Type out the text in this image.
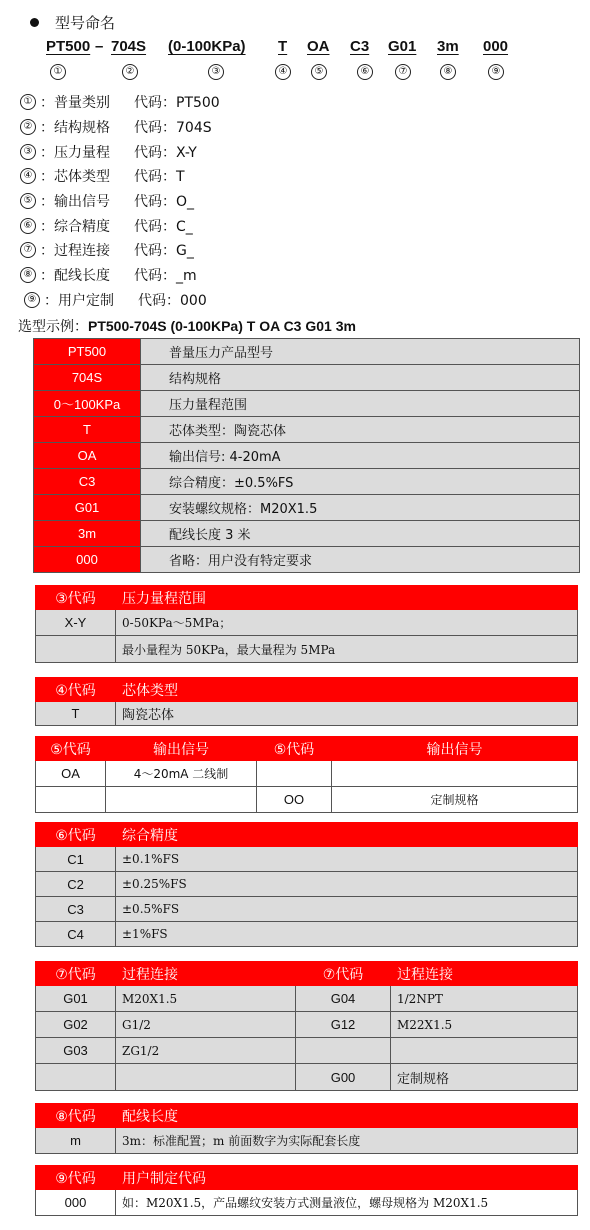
型号命名
PT500 – 704S (0-100KPa) T OA C3 G01 3m 000
①	②	③	④	⑤	⑥	⑦	⑧	⑨
① ： 普量类别	代码：PT500
② ： 结构规格	代码：704S
③ ： 压力量程	代码：X-Y
④ ： 芯体类型	代码：T
⑤ ： 输出信号	代码：O_
⑥ ： 综合精度	代码：C_
⑦ ： 过程连接	代码：G_
⑧ ： 配线长度	代码：_m
⑨ ： 用户定制	代码：000
选型示例：PT500-704S (0-100KPa) T OA C3 G01 3m
PT500	普量压力产品型号
704S	结构规格
0～100KPa	压力量程范围
T	芯体类型：陶瓷芯体
OA	输出信号: 4-20mA
C3	综合精度：±0.5%FS
G01	安装螺纹规格：M20X1.5
3m	配线长度 3 米
000	省略：用户没有特定要求
③代码	压力量程范围
X-Y	0-50KPa～5MPa；
	最小量程为 50KPa，最大量程为 5MPa
④代码	芯体类型
T	陶瓷芯体
⑤代码	输出信号	⑤代码	输出信号
OA	4～20mA 二线制		
		OO	定制规格
⑥代码	综合精度
C1	±0.1%FS
C2	±0.25%FS
C3	±0.5%FS
C4	±1%FS
⑦代码	过程连接	⑦代码	过程连接
G01	M20X1.5	G04	1/2NPT
G02	G1/2	G12	M22X1.5
G03	ZG1/2		
		G00	定制规格
⑧代码	配线长度
m	3m：标准配置；m 前面数字为实际配套长度
⑨代码	用户制定代码
000	如：M20X1.5，产品螺纹安装方式测量液位，螺母规格为 M20X1.5
